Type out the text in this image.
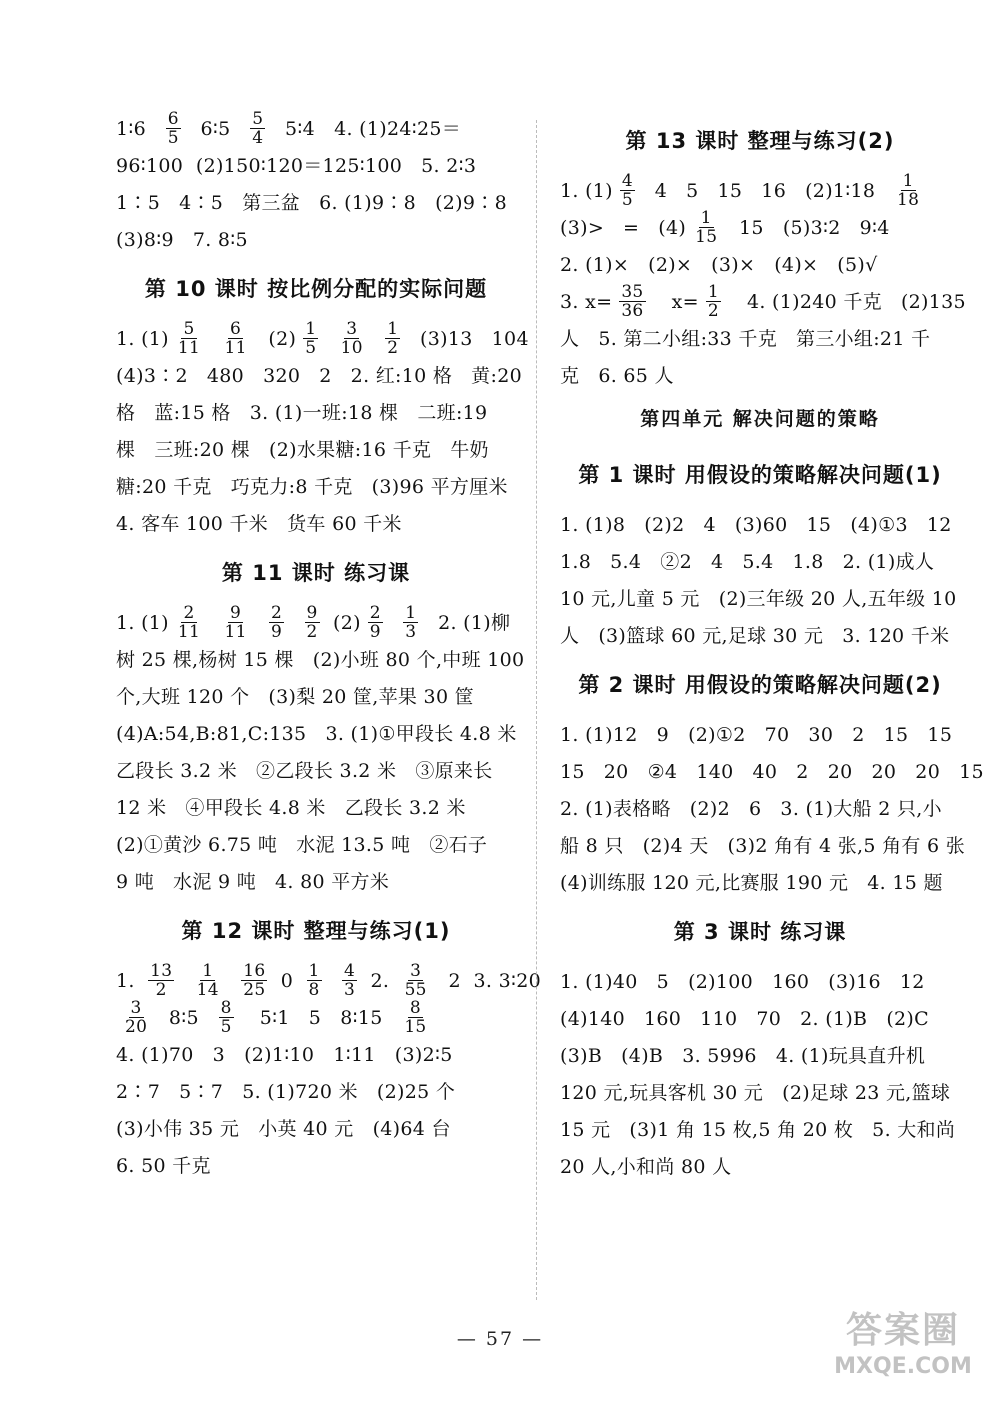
1∶6 $\frac{6}{5}$ 6∶5 $\frac{5}{4}$ 5∶4   4. (1)24∶25＝
96∶100  (2)150∶120＝125∶100   5. 2∶3
1∶5   4∶5   第三盆   6. (1)9∶8   (2)9∶8
(3)8∶9   7. 8∶5
第 10 课时 按比例分配的实际问题
1. $(1) \frac{5}{11}$
$\frac{6}{11} (2) \frac{1}{5}$
$\frac{3}{10}$
$\frac{1}{2} (3)13$   104
(4)3∶2   480   320   2   2. 红:10 格   黄:20
格   蓝:15 格   3. (1)一班:18 棵   二班:19
棵   三班:20 棵   (2)水果糖:16 千克   牛奶
糖:20 千克   巧克力:8 千克   (3)96 平方厘米
4. 客车 100 千米   货车 60 千米
第 11 课时 练习课
1. $(1) \frac{2}{11}$
$\frac{9}{11}$
$\frac{2}{9}$
$\frac{9}{2} (2) \frac{2}{9}$
$\frac{1}{3} 2$. (1)柳
树 25 棵,杨树 15 棵   (2)小班 80 个,中班 100
个,大班 120 个   (3)梨 20 筐,苹果 30 筐
(4)A:54,B:81,C:135   3. (1)①甲段长 4.8 米
乙段长 3.2 米   ②乙段长 3.2 米   ③原来长
12 米   ④甲段长 4.8 米   乙段长 3.2 米
(2)①黄沙 6.75 吨   水泥 13.5 吨   ②石子
9 吨   水泥 9 吨   4. 80 平方米
第 12 课时 整理与练习(1)
1. $\frac{13}{2}$
$\frac{1}{14}$
$\frac{16}{25} 0 \frac{1}{8}$
$\frac{4}{3} 2$. $\frac{3}{55} 2$  3. 3∶20
$\frac{3}{20}$ 8∶5 $\frac{8}{5}$ 5∶1   5   8∶15 $\frac{8}{15}$
4. (1)70   3   (2)1∶10   1∶11   (3)2∶5
2∶7   5∶7   5. (1)720 米   (2)25 个
(3)小伟 35 元   小英 40 元   (4)64 台
6. 50 千克
第 13 课时 整理与练习(2)
1. $(1) \frac{4}{5} 4$   5   15   16   (2)1∶18 $\frac{1}{18}$
$(3)> = (4) \frac{1}{15} 15$   (5)3∶2   9∶4
2. (1)×   (2)×   (3)×   (4)×   (5)√
3. $x= \frac{35}{36} x= \frac{1}{2} 4$. (1)240 千克   (2)135
人   5. 第二小组:33 千克   第三小组:21 千
克   6. 65 人
第四单元 解决问题的策略
第 1 课时 用假设的策略解决问题(1)
1. (1)8   (2)2   4   (3)60   15   (4)①3   12
1.8   5.4   ②2   4   5.4   1.8   2. (1)成人
10 元,儿童 5 元   (2)三年级 20 人,五年级 10
人   (3)篮球 60 元,足球 30 元   3. 120 千米
第 2 课时 用假设的策略解决问题(2)
1. (1)12   9   (2)①2   70   30   2   15   15
15   20   ②4   140   40   2   20   20   20   15
2. (1)表格略   (2)2   6   3. (1)大船 2 只,小
船 8 只   (2)4 天   (3)2 角有 4 张,5 角有 6 张
(4)训练服 120 元,比赛服 190 元   4. 15 题
第 3 课时 练习课
1. (1)40   5   (2)100   160   (3)16   12
(4)140   160   110   70   2. (1)B   (2)C
(3)B   (4)B   3. 5996   4. (1)玩具直升机
120 元,玩具客机 30 元   (2)足球 23 元,篮球
15 元   (3)1 角 15 枚,5 角 20 枚   5. 大和尚
20 人,小和尚 80 人
— 57 —	答案圈
MXQE.COM
